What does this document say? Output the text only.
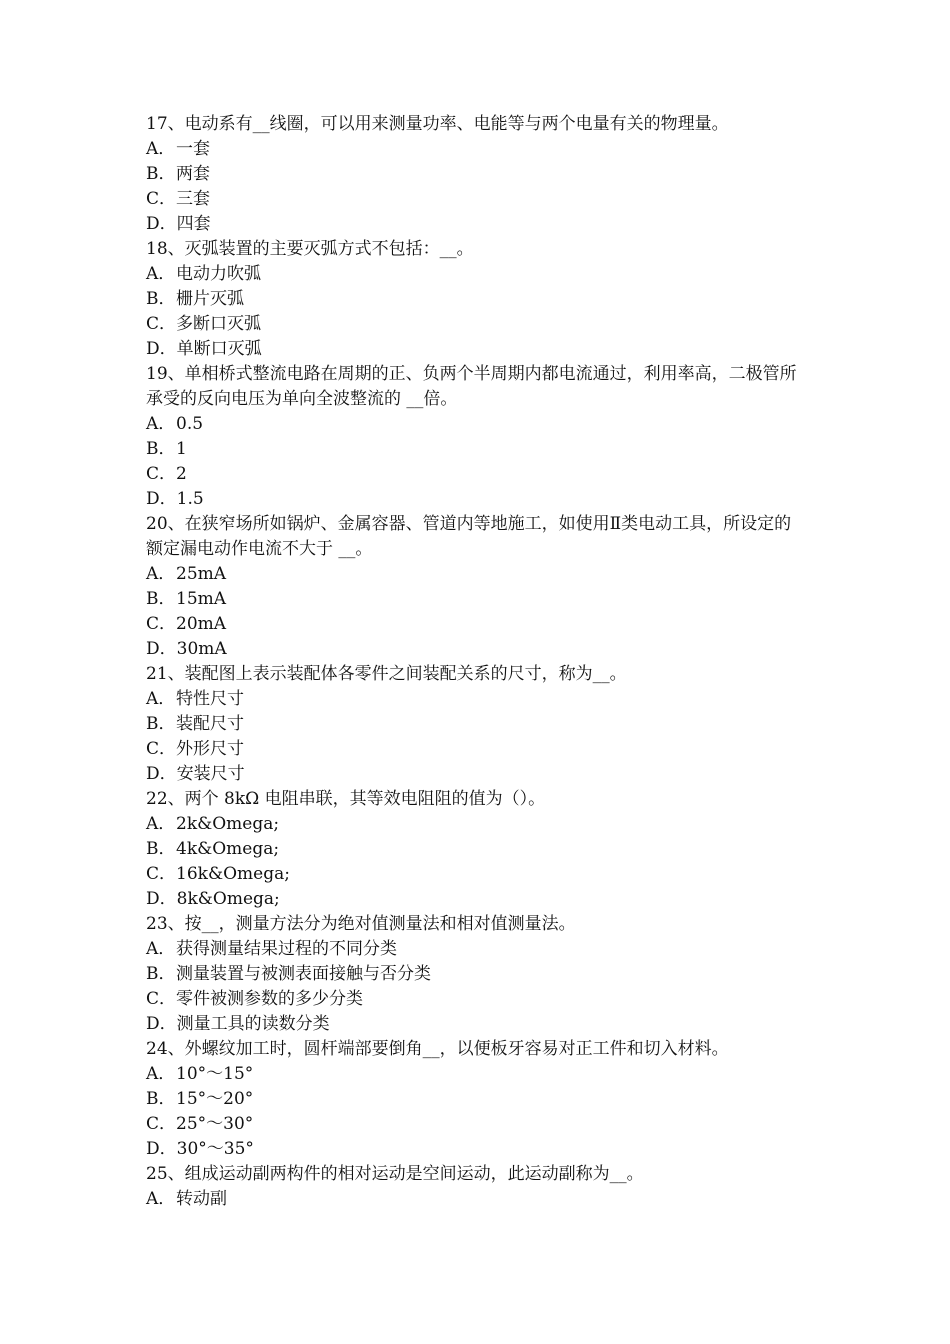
17、电动系有__线圈，可以用来测量功率、电能等与两个电量有关的物理量。

A．一套

B．两套

C．三套

D．四套

18、灭弧装置的主要灭弧方式不包括：__。

A．电动力吹弧

B．栅片灭弧

C．多断口灭弧

D．单断口灭弧

19、单相桥式整流电路在周期的正、负两个半周期内都电流通过，利用率高，二极管所承受的反向电压为单向全波整流的 __倍。

A．0.5

B．1

C．2

D．1.5

20、在狭窄场所如锅炉、金属容器、管道内等地施工，如使用Ⅱ类电动工具，所设定的额定漏电动作电流不大于 __。

A．25mA

B．15mA

C．20mA

D．30mA

21、装配图上表示装配体各零件之间装配关系的尺寸，称为__。

A．特性尺寸

B．装配尺寸

C．外形尺寸

D．安装尺寸

22、两个 8kΩ 电阻串联，其等效电阻阻的值为（）。

A．2k&Omega;

B．4k&Omega;

C．16k&Omega;

D．8k&Omega;

23、按__，测量方法分为绝对值测量法和相对值测量法。

A．获得测量结果过程的不同分类

B．测量装置与被测表面接触与否分类

C．零件被测参数的多少分类

D．测量工具的读数分类

24、外螺纹加工时，圆杆端部要倒角__，以便板牙容易对正工件和切入材料。

A．10°～15°

B．15°～20°

C．25°～30°

D．30°～35°

25、组成运动副两构件的相对运动是空间运动，此运动副称为__。

A．转动副
